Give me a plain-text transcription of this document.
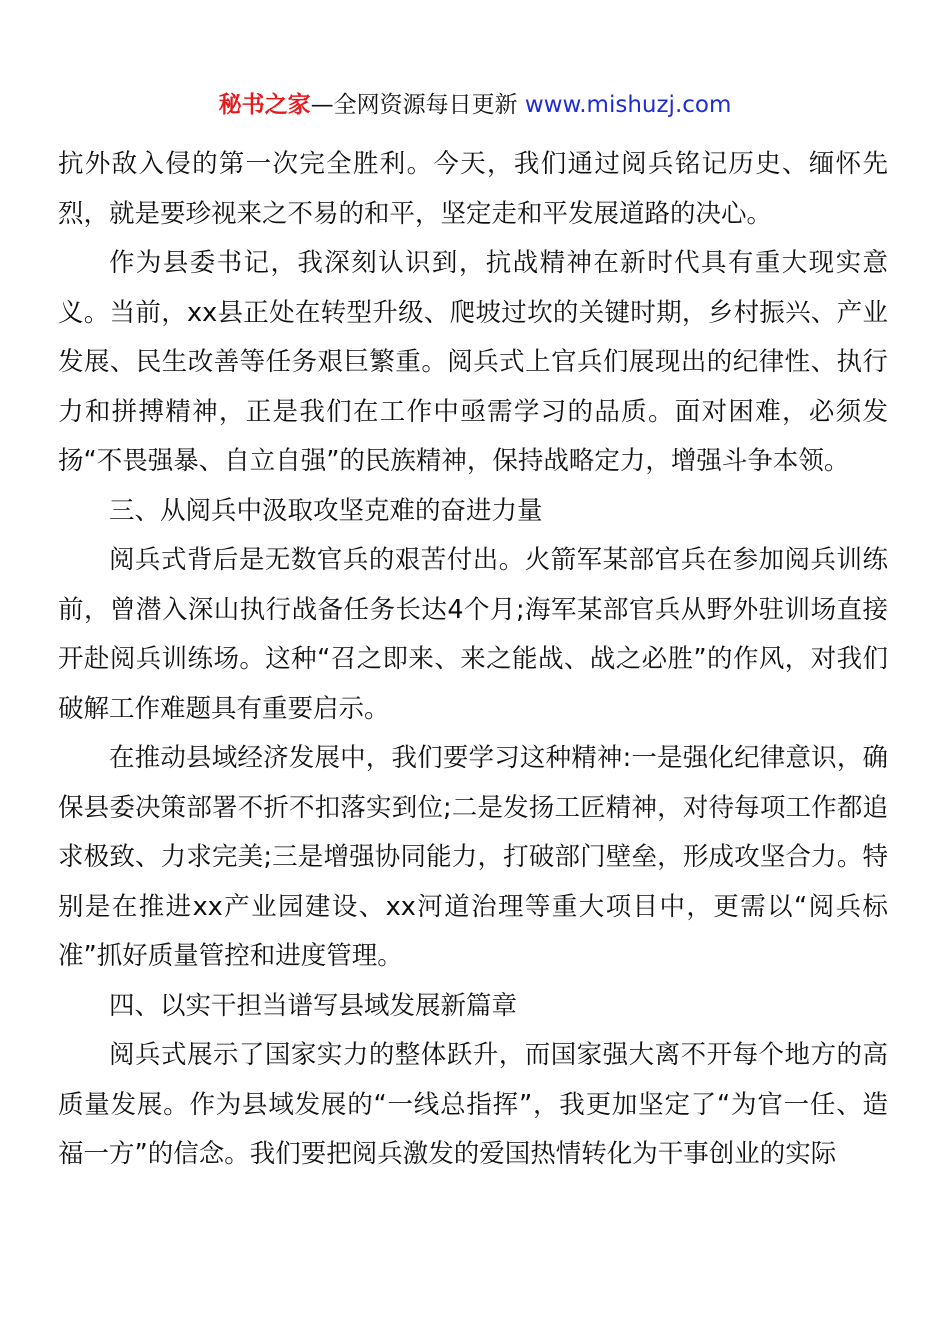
秘书之家—全网资源每日更新 www.mishuzj.com

抗外敌入侵的第一次完全胜利。今天，我们通过阅兵铭记历史、缅怀先烈，就是要珍视来之不易的和平，坚定走和平发展道路的决心。

作为县委书记，我深刻认识到，抗战精神在新时代具有重大现实意义。当前，xx县正处在转型升级、爬坡过坎的关键时期，乡村振兴、产业发展、民生改善等任务艰巨繁重。阅兵式上官兵们展现出的纪律性、执行力和拼搏精神，正是我们在工作中亟需学习的品质。面对困难，必须发扬“不畏强暴、自立自强”的民族精神，保持战略定力，增强斗争本领。

三、从阅兵中汲取攻坚克难的奋进力量

阅兵式背后是无数官兵的艰苦付出。火箭军某部官兵在参加阅兵训练前，曾潜入深山执行战备任务长达4个月;海军某部官兵从野外驻训场直接开赴阅兵训练场。这种“召之即来、来之能战、战之必胜”的作风，对我们破解工作难题具有重要启示。

在推动县域经济发展中，我们要学习这种精神:一是强化纪律意识，确保县委决策部署不折不扣落实到位;二是发扬工匠精神，对待每项工作都追求极致、力求完美;三是增强协同能力，打破部门壁垒，形成攻坚合力。特别是在推进xx产业园建设、xx河道治理等重大项目中，更需以“阅兵标准”抓好质量管控和进度管理。

四、以实干担当谱写县域发展新篇章

阅兵式展示了国家实力的整体跃升，而国家强大离不开每个地方的高质量发展。作为县域发展的“一线总指挥”，我更加坚定了“为官一任、造福一方”的信念。我们要把阅兵激发的爱国热情转化为干事创业的实际
